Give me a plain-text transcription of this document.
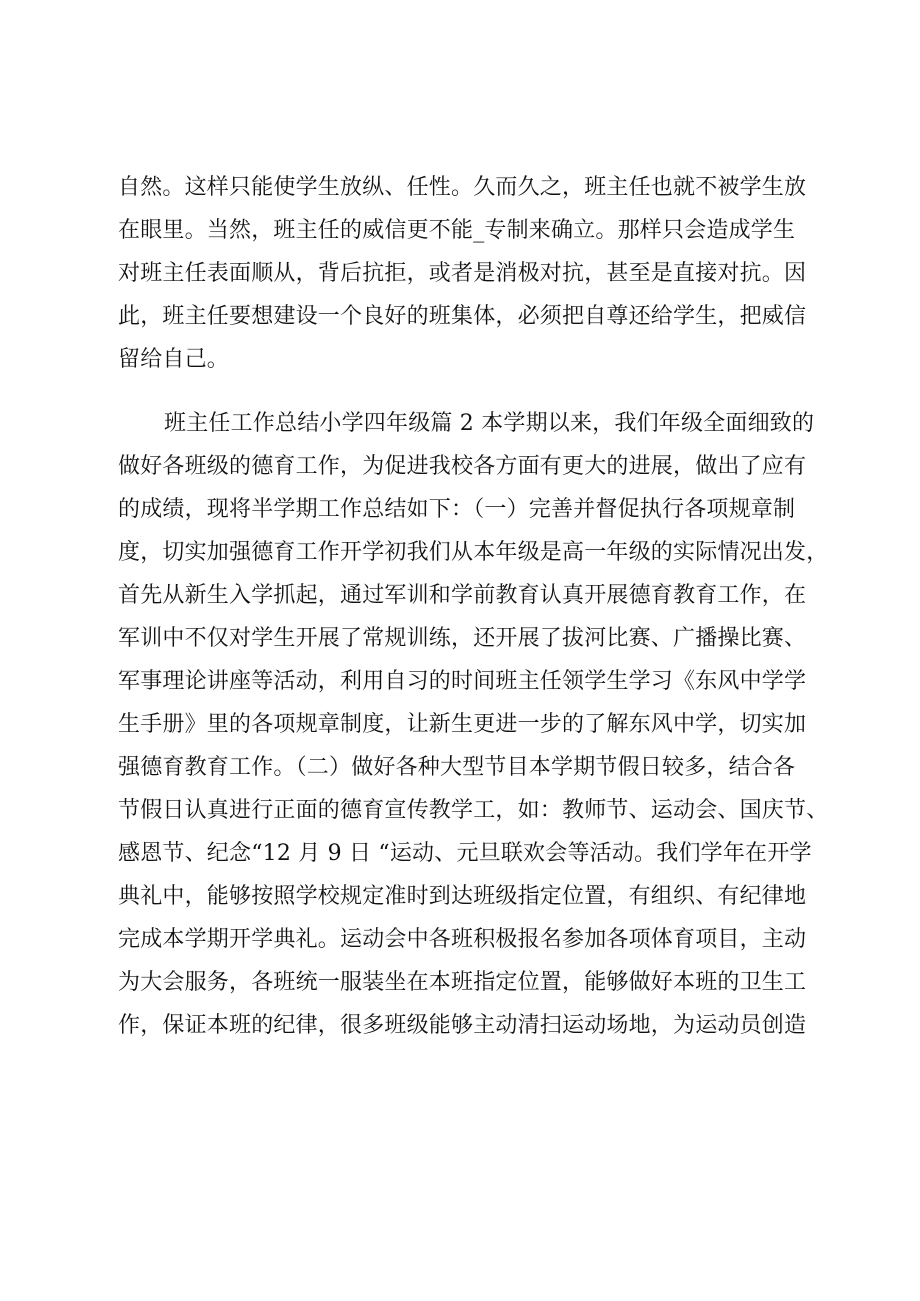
自然。这样只能使学生放纵、任性。久而久之，班主任也就不被学生放
在眼里。当然，班主任的威信更不能_专制来确立。那样只会造成学生
对班主任表面顺从，背后抗拒，或者是消极对抗，甚至是直接对抗。因
此，班主任要想建设一个良好的班集体，必须把自尊还给学生，把威信
留给自己。
班主任工作总结小学四年级篇 2 本学期以来，我们年级全面细致的
做好各班级的德育工作，为促进我校各方面有更大的进展，做出了应有
的成绩，现将半学期工作总结如下：（一）完善并督促执行各项规章制
度，切实加强德育工作开学初我们从本年级是高一年级的实际情况出发，
首先从新生入学抓起，通过军训和学前教育认真开展德育教育工作，在
军训中不仅对学生开展了常规训练，还开展了拔河比赛、广播操比赛、
军事理论讲座等活动，利用自习的时间班主任领学生学习《东风中学学
生手册》里的各项规章制度，让新生更进一步的了解东风中学，切实加
强德育教育工作。（二）做好各种大型节目本学期节假日较多，结合各
节假日认真进行正面的德育宣传教学工，如：教师节、运动会、国庆节、
感恩节、纪念“12 月 9 日 “运动、元旦联欢会等活动。我们学年在开学
典礼中，能够按照学校规定准时到达班级指定位置，有组织、有纪律地
完成本学期开学典礼。运动会中各班积极报名参加各项体育项目，主动
为大会服务，各班统一服装坐在本班指定位置，能够做好本班的卫生工
作，保证本班的纪律，很多班级能够主动清扫运动场地，为运动员创造
